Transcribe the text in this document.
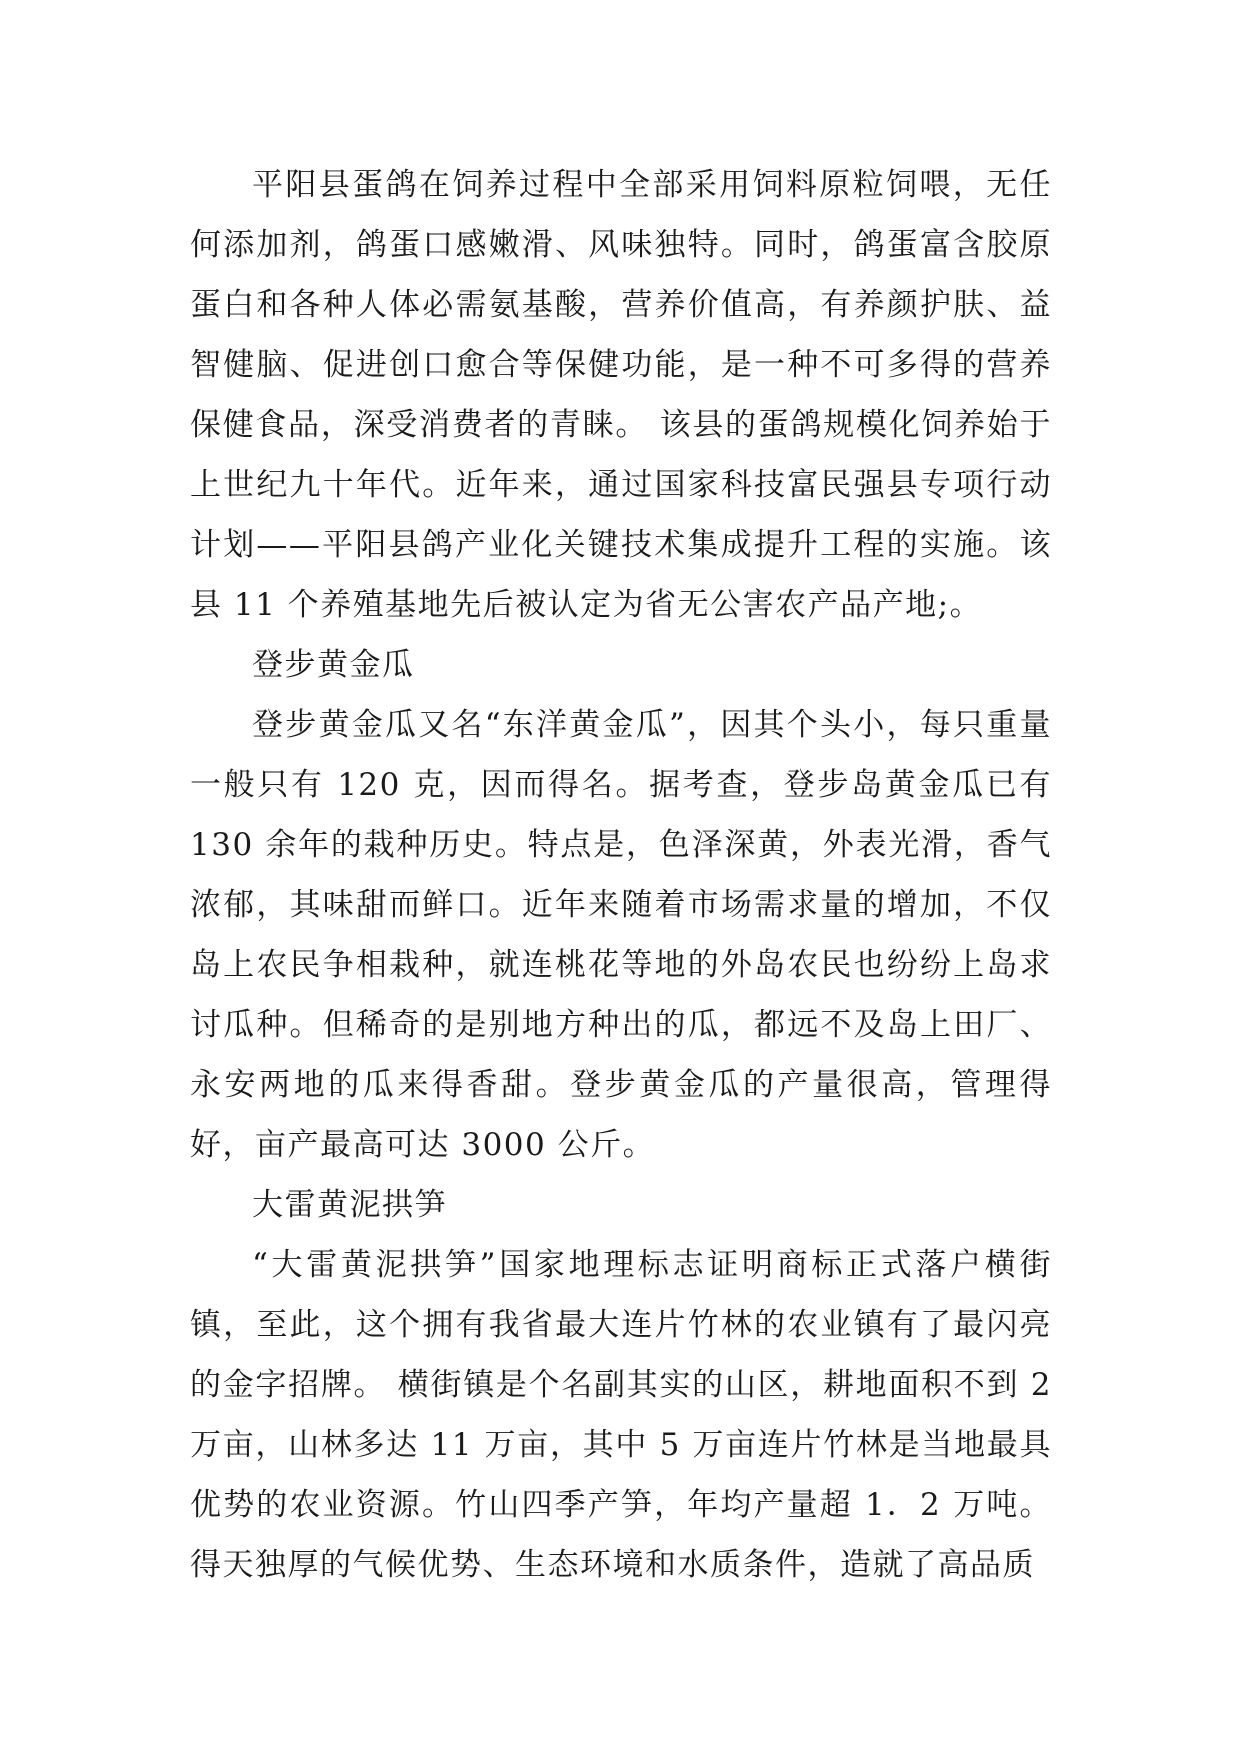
平阳县蛋鸽在饲养过程中全部采用饲料原粒饲喂，无任何添加剂，鸽蛋口感嫩滑、风味独特。同时，鸽蛋富含胶原蛋白和各种人体必需氨基酸，营养价值高，有养颜护肤、益智健脑、促进创口愈合等保健功能，是一种不可多得的营养保健食品，深受消费者的青睐。 该县的蛋鸽规模化饲养始于上世纪九十年代。近年来，通过国家科技富民强县专项行动计划——平阳县鸽产业化关键技术集成提升工程的实施。该县 11 个养殖基地先后被认定为省无公害农产品产地;。

登步黄金瓜

登步黄金瓜又名“东洋黄金瓜”，因其个头小，每只重量一般只有 120 克，因而得名。据考查，登步岛黄金瓜已有 130 余年的栽种历史。特点是，色泽深黄，外表光滑，香气浓郁，其味甜而鲜口。近年来随着市场需求量的增加，不仅岛上农民争相栽种，就连桃花等地的外岛农民也纷纷上岛求讨瓜种。但稀奇的是别地方种出的瓜，都远不及岛上田厂、永安两地的瓜来得香甜。登步黄金瓜的产量很高，管理得好，亩产最高可达 3000 公斤。

大雷黄泥拱笋

“大雷黄泥拱笋”国家地理标志证明商标正式落户横街镇，至此，这个拥有我省最大连片竹林的农业镇有了最闪亮的金字招牌。 横街镇是个名副其实的山区，耕地面积不到 2 万亩，山林多达 11 万亩，其中 5 万亩连片竹林是当地最具优势的农业资源。竹山四季产笋，年均产量超 1．2 万吨。得天独厚的气候优势、生态环境和水质条件，造就了高品质
